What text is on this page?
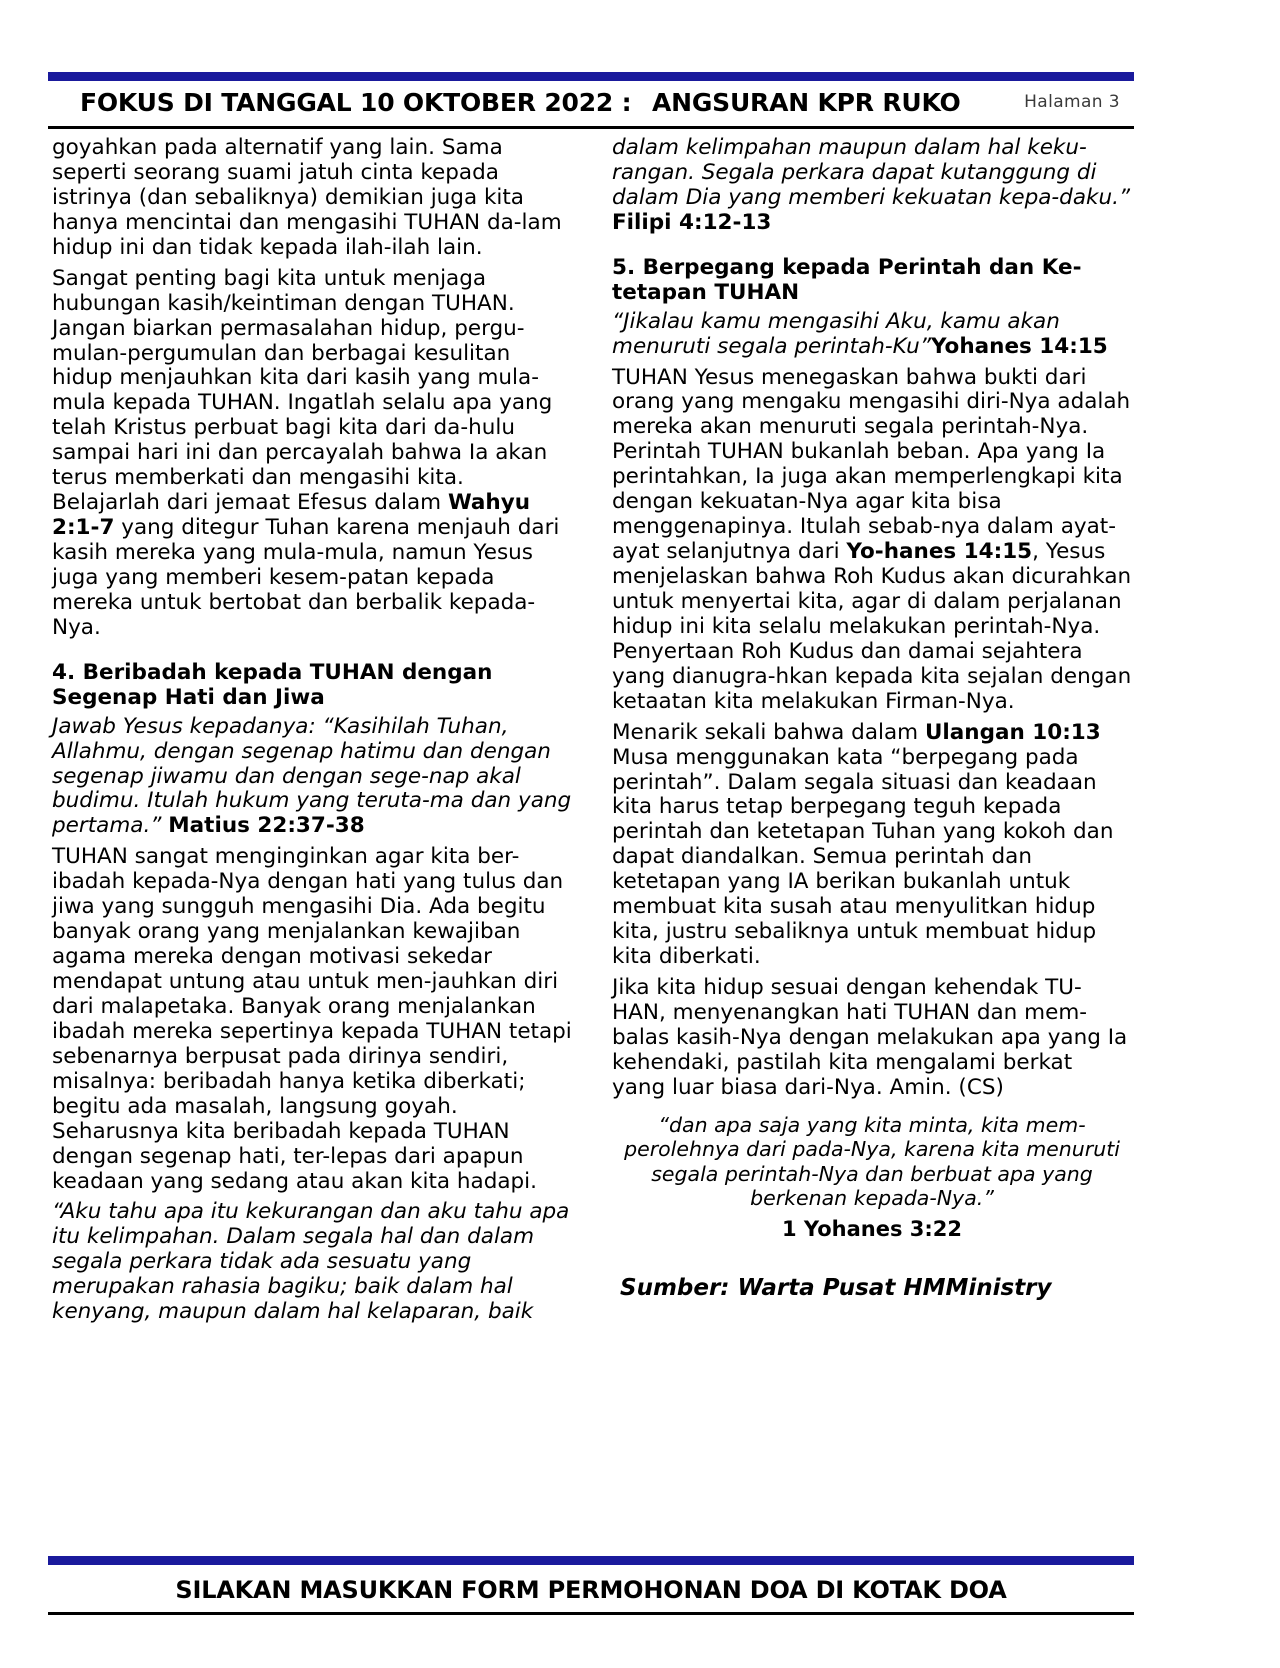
FOKUS DI TANGGAL 10 OKTOBER 2022 : ANGSURAN KPR RUKO	Halaman 3

goyahkan pada alternatif yang lain. Sama seperti seorang suami jatuh cinta kepada istrinya (dan sebaliknya) demikian juga kita hanya mencintai dan mengasihi TUHAN da-lam hidup ini dan tidak kepada ilah-ilah lain.

Sangat penting bagi kita untuk menjaga hubungan kasih/keintiman dengan TUHAN. Jangan biarkan permasalahan hidup, pergu-mulan-pergumulan dan berbagai kesulitan hidup menjauhkan kita dari kasih yang mula-mula kepada TUHAN. Ingatlah selalu apa yang telah Kristus perbuat bagi kita dari da-hulu sampai hari ini dan percayalah bahwa Ia akan terus memberkati dan mengasihi kita. Belajarlah dari jemaat Efesus dalam Wahyu 2:1-7 yang ditegur Tuhan karena menjauh dari kasih mereka yang mula-mula, namun Yesus juga yang memberi kesem-patan kepada mereka untuk bertobat dan berbalik kepada-Nya.

4. Beribadah kepada TUHAN dengan Segenap Hati dan Jiwa

Jawab Yesus kepadanya: “Kasihilah Tuhan, Allahmu, dengan segenap hatimu dan dengan segenap jiwamu dan dengan sege-nap akal budimu. Itulah hukum yang teruta-ma dan yang pertama.” Matius 22:37-38

TUHAN sangat menginginkan agar kita ber-ibadah kepada-Nya dengan hati yang tulus dan jiwa yang sungguh mengasihi Dia. Ada begitu banyak orang yang menjalankan kewajiban agama mereka dengan motivasi sekedar mendapat untung atau untuk men-jauhkan diri dari malapetaka. Banyak orang menjalankan ibadah mereka sepertinya kepada TUHAN tetapi sebenarnya berpusat pada dirinya sendiri, misalnya: beribadah hanya ketika diberkati; begitu ada masalah, langsung goyah. Seharusnya kita beribadah kepada TUHAN dengan segenap hati, ter-lepas dari apapun keadaan yang sedang atau akan kita hadapi.

“Aku tahu apa itu kekurangan dan aku tahu apa itu kelimpahan. Dalam segala hal dan dalam segala perkara tidak ada sesuatu yang merupakan rahasia bagiku; baik dalam hal kenyang, maupun dalam hal kelaparan, baik

dalam kelimpahan maupun dalam hal keku-rangan. Segala perkara dapat kutanggung di dalam Dia yang memberi kekuatan kepa-daku.” Filipi 4:12-13

5. Berpegang kepada Perintah dan Ke-tetapan TUHAN

“Jikalau kamu mengasihi Aku, kamu akan menuruti segala perintah-Ku”Yohanes 14:15

TUHAN Yesus menegaskan bahwa bukti dari orang yang mengaku mengasihi diri-Nya adalah mereka akan menuruti segala perintah-Nya. Perintah TUHAN bukanlah beban. Apa yang Ia perintahkan, Ia juga akan memperlengkapi kita dengan kekuatan-Nya agar kita bisa menggenapinya. Itulah sebab-nya dalam ayat-ayat selanjutnya dari Yo-hanes 14:15, Yesus menjelaskan bahwa Roh Kudus akan dicurahkan untuk menyertai kita, agar di dalam perjalanan hidup ini kita selalu melakukan perintah-Nya. Penyertaan Roh Kudus dan damai sejahtera yang dianugra-hkan kepada kita sejalan dengan ketaatan kita melakukan Firman-Nya.

Menarik sekali bahwa dalam Ulangan 10:13 Musa menggunakan kata “berpegang pada perintah”. Dalam segala situasi dan keadaan kita harus tetap berpegang teguh kepada perintah dan ketetapan Tuhan yang kokoh dan dapat diandalkan. Semua perintah dan ketetapan yang IA berikan bukanlah untuk membuat kita susah atau menyulitkan hidup kita, justru sebaliknya untuk membuat hidup kita diberkati.

Jika kita hidup sesuai dengan kehendak TU-HAN, menyenangkan hati TUHAN dan mem-balas kasih-Nya dengan melakukan apa yang Ia kehendaki, pastilah kita mengalami berkat yang luar biasa dari-Nya. Amin. (CS)

“dan apa saja yang kita minta, kita mem-perolehnya dari pada-Nya, karena kita menuruti segala perintah-Nya dan berbuat apa yang berkenan kepada-Nya.”

1 Yohanes 3:22

Sumber: Warta Pusat HMMinistry

SILAKAN MASUKKAN FORM PERMOHONAN DOA DI KOTAK DOA
